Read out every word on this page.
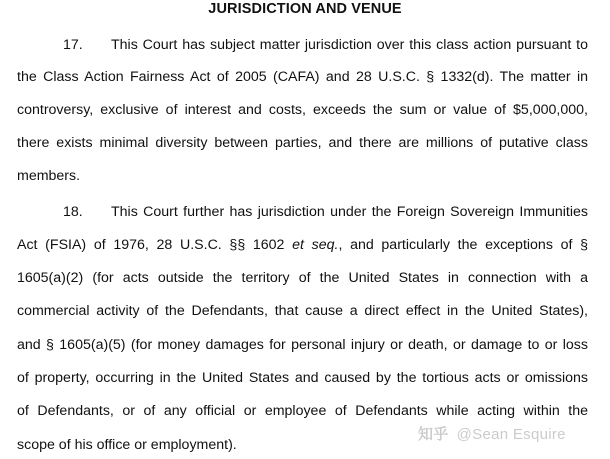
JURISDICTION AND VENUE
17. This Court has subject matter jurisdiction over this class action pursuant to
the Class Action Fairness Act of 2005 (CAFA) and 28 U.S.C. § 1332(d). The matter in
controversy, exclusive of interest and costs, exceeds the sum or value of $5,000,000,
there exists minimal diversity between parties, and there are millions of putative class
members.
18. This Court further has jurisdiction under the Foreign Sovereign Immunities
Act (FSIA) of 1976, 28 U.S.C. §§ 1602 et seq., and particularly the exceptions of §
1605(a)(2) (for acts outside the territory of the United States in connection with a
commercial activity of the Defendants, that cause a direct effect in the United States),
and § 1605(a)(5) (for money damages for personal injury or death, or damage to or loss
of property, occurring in the United States and caused by the tortious acts or omissions
of Defendants, or of any official or employee of Defendants while acting within the
scope of his office or employment).
知乎 @Sean Esquire
